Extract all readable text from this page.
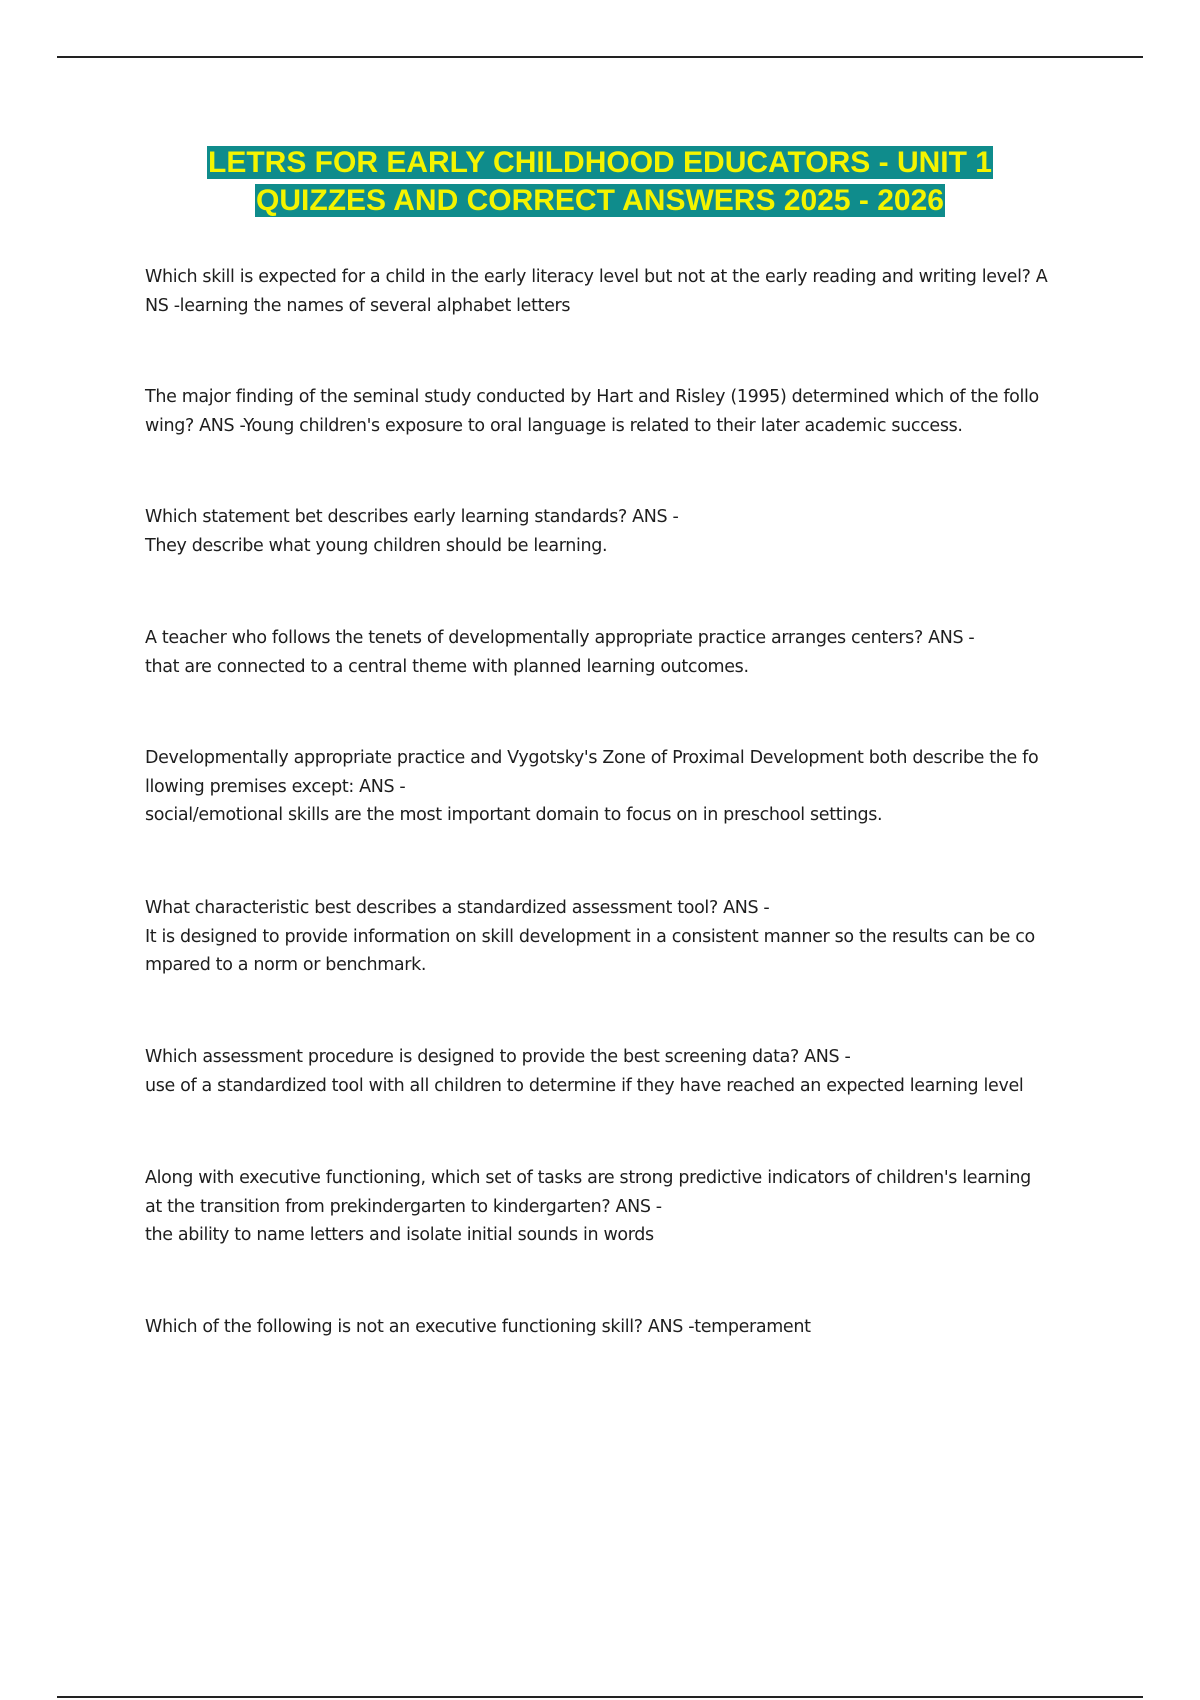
LETRS FOR EARLY CHILDHOOD EDUCATORS - UNIT 1
QUIZZES AND CORRECT ANSWERS 2025 - 2026
Which skill is expected for a child in the early literacy level but not at the early reading and writing level? A
NS -learning the names of several alphabet letters
The major finding of the seminal study conducted by Hart and Risley (1995) determined which of the follo
wing? ANS -Young children's exposure to oral language is related to their later academic success.
Which statement bet describes early learning standards? ANS -
They describe what young children should be learning.
A teacher who follows the tenets of developmentally appropriate practice arranges centers? ANS -
that are connected to a central theme with planned learning outcomes.
Developmentally appropriate practice and Vygotsky's Zone of Proximal Development both describe the fo
llowing premises except: ANS -
social/emotional skills are the most important domain to focus on in preschool settings.
What characteristic best describes a standardized assessment tool? ANS -
It is designed to provide information on skill development in a consistent manner so the results can be co
mpared to a norm or benchmark.
Which assessment procedure is designed to provide the best screening data? ANS -
use of a standardized tool with all children to determine if they have reached an expected learning level
Along with executive functioning, which set of tasks are strong predictive indicators of children's learning
at the transition from prekindergarten to kindergarten? ANS -
the ability to name letters and isolate initial sounds in words
Which of the following is not an executive functioning skill? ANS -temperament
